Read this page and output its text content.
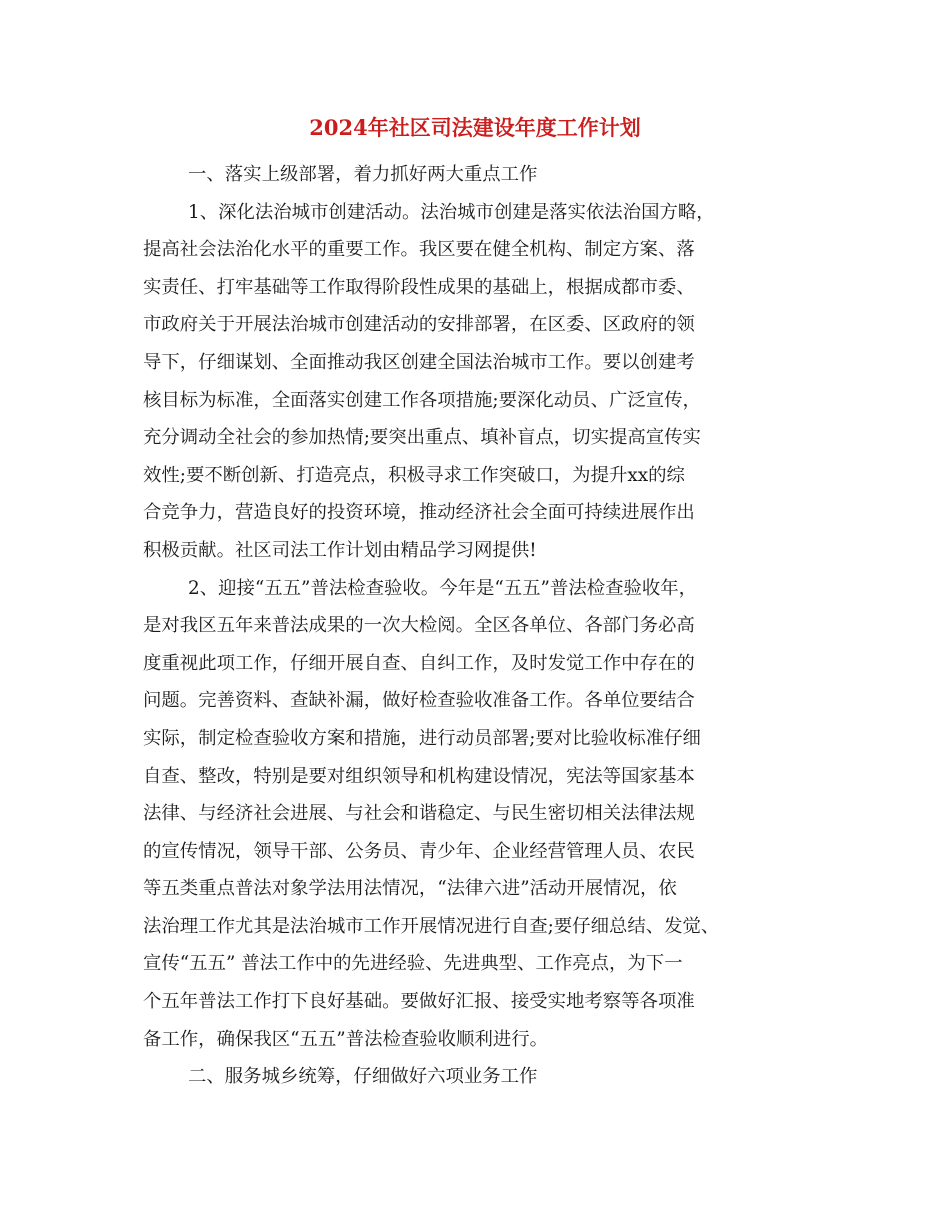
2024年社区司法建设年度工作计划
一、落实上级部署，着力抓好两大重点工作
1、深化法治城市创建活动。法治城市创建是落实依法治国方略，
提高社会法治化水平的重要工作。我区要在健全机构、制定方案、落
实责任、打牢基础等工作取得阶段性成果的基础上，根据成都市委、
市政府关于开展法治城市创建活动的安排部署，在区委、区政府的领
导下，仔细谋划、全面推动我区创建全国法治城市工作。要以创建考
核目标为标准，全面落实创建工作各项措施;要深化动员、广泛宣传，
充分调动全社会的参加热情;要突出重点、填补盲点，切实提高宣传实
效性;要不断创新、打造亮点，积极寻求工作突破口，为提升xx的综
合竞争力，营造良好的投资环境，推动经济社会全面可持续进展作出
积极贡献。社区司法工作计划由精品学习网提供!
2、迎接“五五”普法检查验收。今年是“五五”普法检查验收年，
是对我区五年来普法成果的一次大检阅。全区各单位、各部门务必高
度重视此项工作，仔细开展自查、自纠工作，及时发觉工作中存在的
问题。完善资料、查缺补漏，做好检查验收准备工作。各单位要结合
实际，制定检查验收方案和措施，进行动员部署;要对比验收标准仔细
自查、整改，特别是要对组织领导和机构建设情况，宪法等国家基本
法律、与经济社会进展、与社会和谐稳定、与民生密切相关法律法规
的宣传情况，领导干部、公务员、青少年、企业经营管理人员、农民
等五类重点普法对象学法用法情况，“法律六进”活动开展情况，依
法治理工作尤其是法治城市工作开展情况进行自查;要仔细总结、发觉、
宣传“五五” 普法工作中的先进经验、先进典型、工作亮点，为下一
个五年普法工作打下良好基础。要做好汇报、接受实地考察等各项准
备工作，确保我区“五五”普法检查验收顺利进行。
二、服务城乡统筹，仔细做好六项业务工作
